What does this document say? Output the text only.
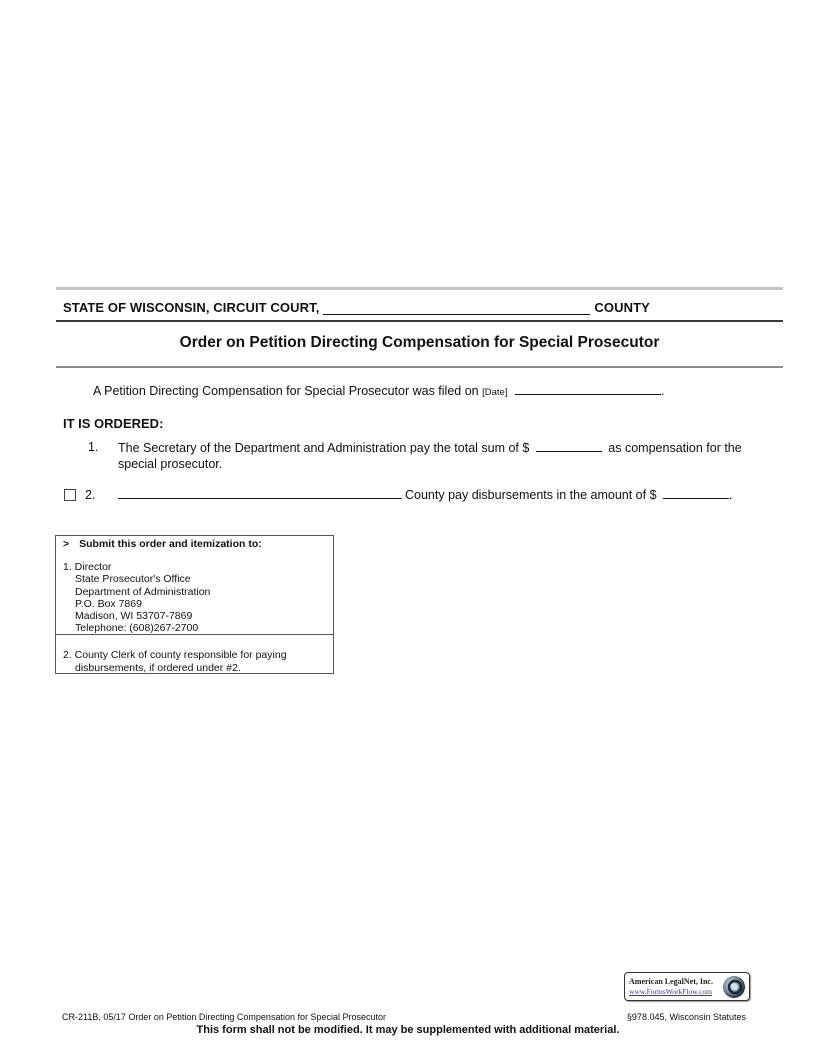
STATE OF WISCONSIN, CIRCUIT COURT,	COUNTY
Order on Petition Directing Compensation for Special Prosecutor
A Petition Directing Compensation for Special Prosecutor was filed on [Date]	.
IT IS ORDERED:
1. The Secretary of the Department and Administration pay the total sum of $	as compensation for the special prosecutor.
2.	County pay disbursements in the amount of $	.
> Submit this order and itemization to:
1. Director
State Prosecutor's Office
Department of Administration
P.O. Box 7869
Madison, WI 53707-7869
Telephone: (608)267-2700
2. County Clerk of county responsible for paying
disbursements, if ordered under #2.
American LegalNet, Inc.
www.FormsWorkFlow.com
CR-211B, 05/17 Order on Petition Directing Compensation for Special Prosecutor	§978.045, Wisconsin Statutes
This form shall not be modified. It may be supplemented with additional material.
